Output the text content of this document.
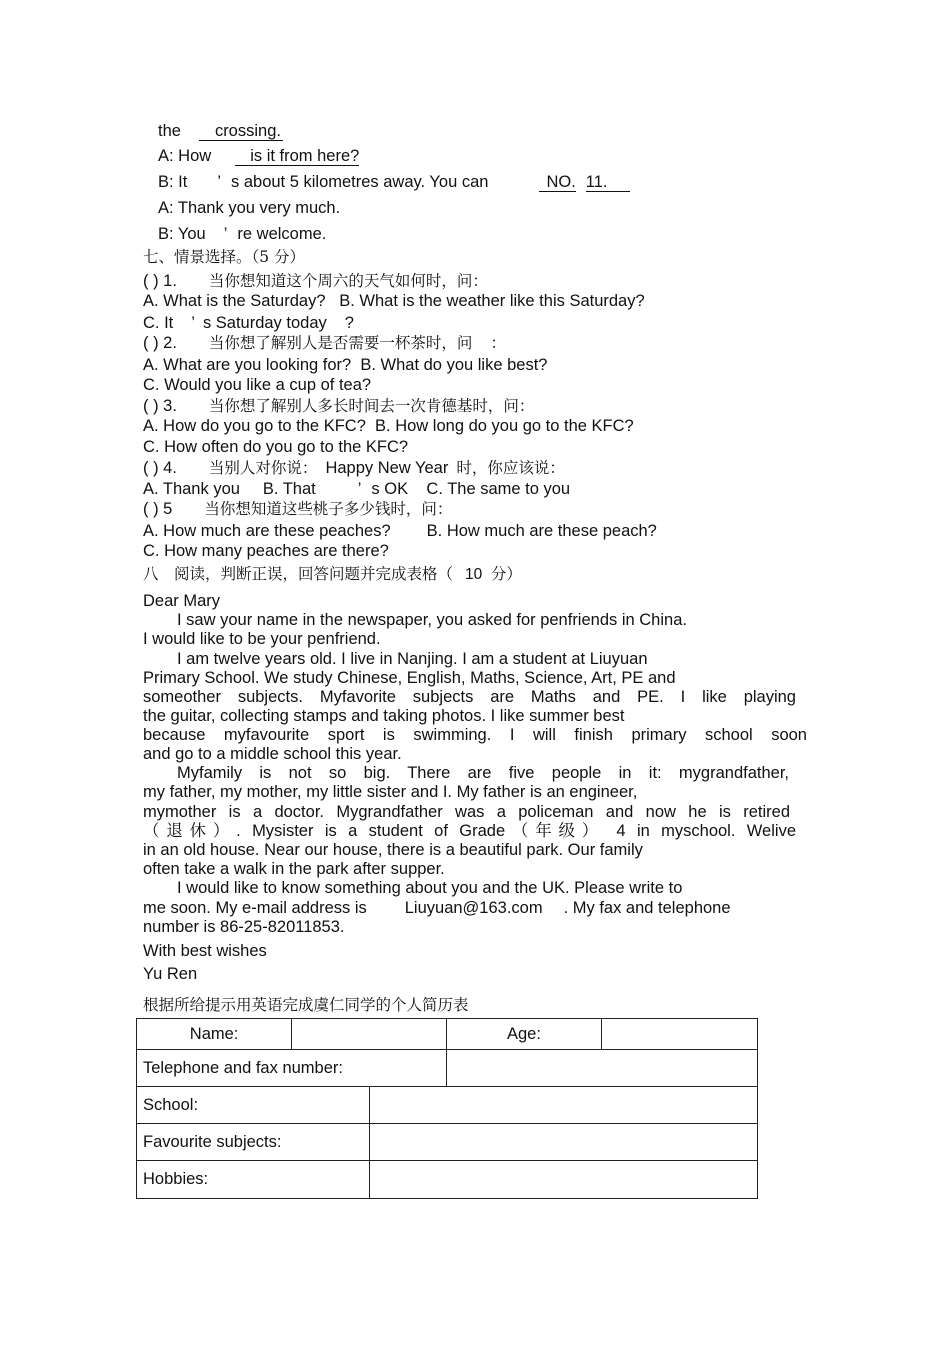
the crossing.
A: How is it from here?
B: It ’ s about 5 kilometres away. You can	NO. 11.
A: Thank you very much.
B: You ’ re welcome.
七、情景选择。（5 分）
( ) 1. 当你想知道这个周六的天气如何时，问：
A. What is the Saturday?   B. What is the weather like this Saturday?
C. It ’ s Saturday today ?
( ) 2. 当你想了解别人是否需要一杯茶时，问 ：
A. What are you looking for?  B. What do you like best?
C. Would you like a cup of tea?
( ) 3. 当你想了解别人多长时间去一次肯德基时，问：
A. How do you go to the KFC?  B. How long do you go to the KFC?
C. How often do you go to the KFC?
( ) 4. 当别人对你说： Happy New Year 时，你应该说：
A. Thank you     B. That	’ s OK    C. The same to you
( ) 5 当你想知道这些桃子多少钱时，问：
A. How much are these peaches? B. How much are these peach?
C. How many peaches are there?
八　阅读，判断正误，回答问题并完成表格（ 10  分）
Dear Mary
I saw your name in the newspaper, you asked for penfriends in China.
I would like to be your penfriend.
I am twelve years old. I live in Nanjing. I am a student at Liuyuan
Primary School. We study Chinese, English, Maths, Science, Art, PE and
someother subjects. Myfavorite subjects are Maths and PE. I like playing
the guitar, collecting stamps and taking photos. I like summer best
because myfavourite sport is swimming. I will finish primary school soon
and go to a middle school this year.
Myfamily is not so big. There are five people in it: mygrandfather,
my father, my mother, my little sister and I. My father is an engineer,
mymother is a doctor. Mygrandfather was a policeman and now he is retired
（退休）. Mysister is a student of Grade（年级） 4 in myschool. Welive
in an old house. Near our house, there is a beautiful park. Our family
often take a walk in the park after supper.
I would like to know something about you and the UK. Please write to
me soon. My e-mail address is Liuyuan@163.com . My fax and telephone
number is 86-25-82011853.
With best wishes
Yu Ren
根据所给提示用英语完成虞仁同学的个人简历表
Name:			Age:	
Telephone and fax number:				
School:				
Favourite subjects:				
Hobbies:				
